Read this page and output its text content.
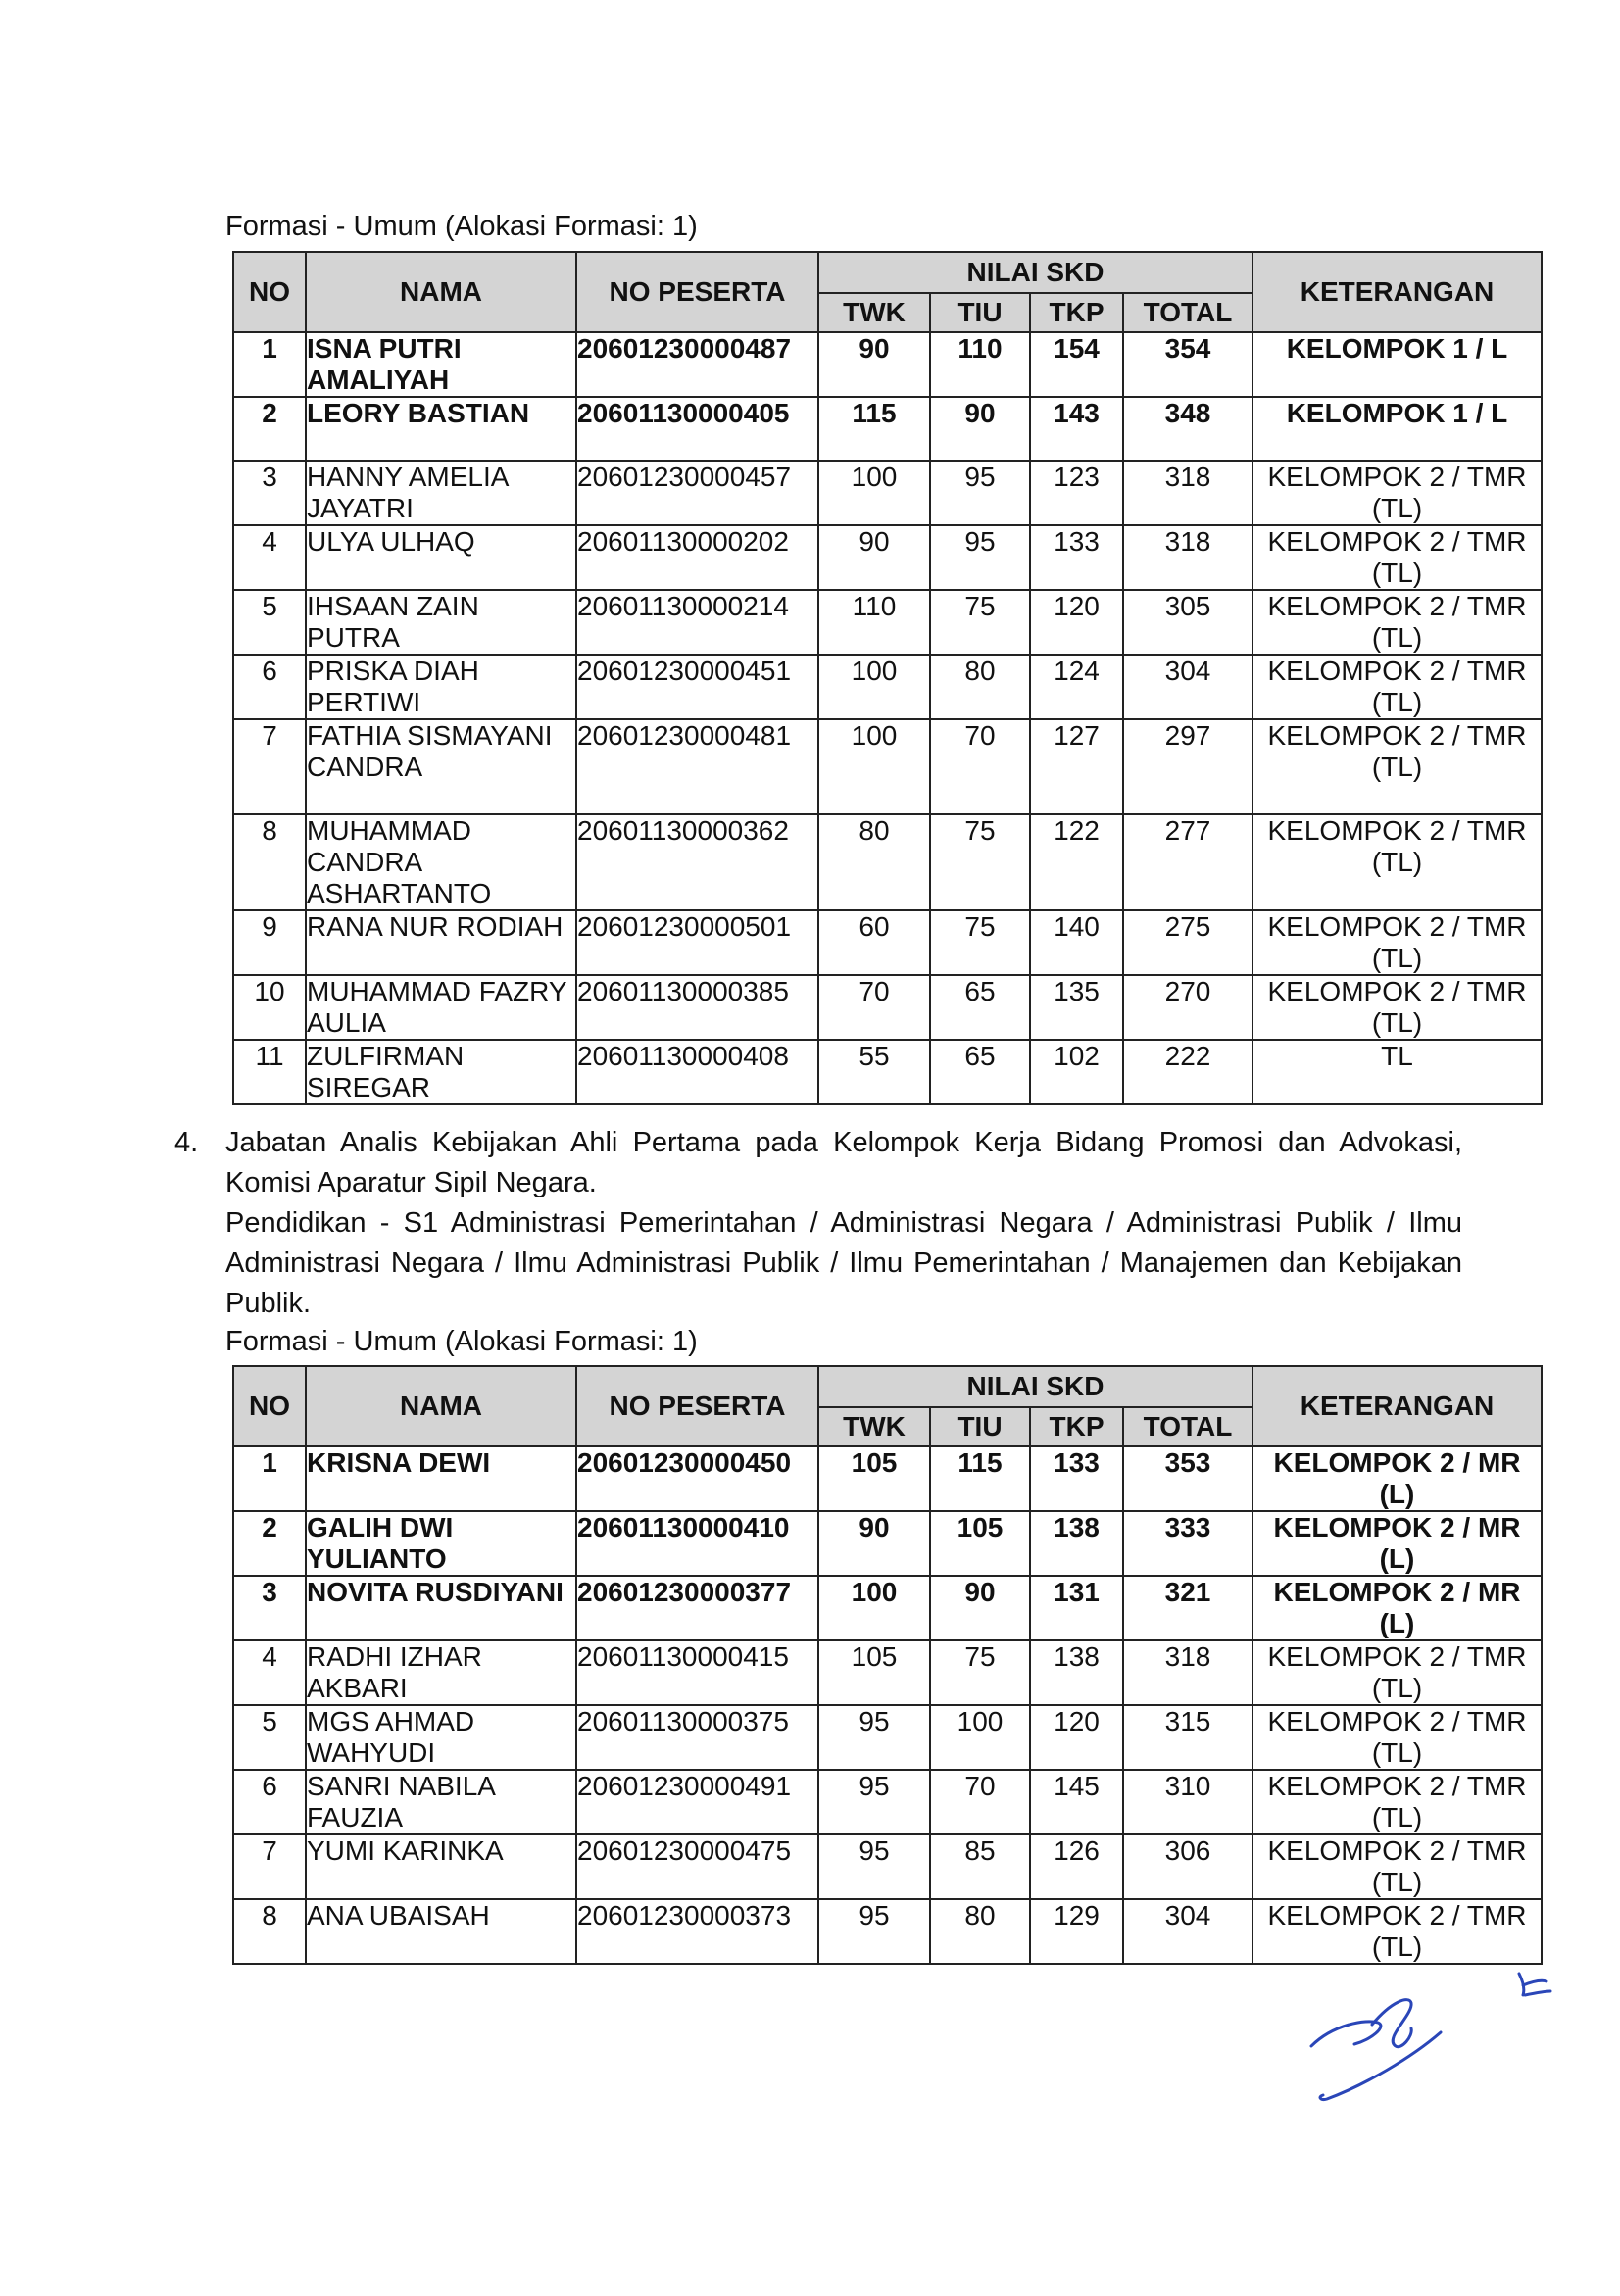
Formasi - Umum (Alokasi Formasi: 1)
NO	NAMA	NO PESERTA	NILAI SKD				KETERANGAN
			TWK	TIU	TKP	TOTAL	
1	ISNA PUTRI AMALIYAH	20601230000487	90	110	154	354	KELOMPOK 1 / L
2	LEORY BASTIAN	20601130000405	115	90	143	348	KELOMPOK 1 / L
3	HANNY AMELIA JAYATRI	20601230000457	100	95	123	318	KELOMPOK 2 / TMR (TL)
4	ULYA ULHAQ	20601130000202	90	95	133	318	KELOMPOK 2 / TMR (TL)
5	IHSAAN ZAIN PUTRA	20601130000214	110	75	120	305	KELOMPOK 2 / TMR (TL)
6	PRISKA DIAH PERTIWI	20601230000451	100	80	124	304	KELOMPOK 2 / TMR (TL)
7	FATHIA SISMAYANI CANDRA	20601230000481	100	70	127	297	KELOMPOK 2 / TMR (TL)
8	MUHAMMAD CANDRA ASHARTANTO	20601130000362	80	75	122	277	KELOMPOK 2 / TMR (TL)
9	RANA NUR RODIAH	20601230000501	60	75	140	275	KELOMPOK 2 / TMR (TL)
10	MUHAMMAD FAZRY AULIA	20601130000385	70	65	135	270	KELOMPOK 2 / TMR (TL)
11	ZULFIRMAN SIREGAR	20601130000408	55	65	102	222	TL
4. Jabatan Analis Kebijakan Ahli Pertama pada Kelompok Kerja Bidang Promosi dan Advokasi, Komisi Aparatur Sipil Negara.
Pendidikan - S1 Administrasi Pemerintahan / Administrasi Negara / Administrasi Publik / Ilmu Administrasi Negara / Ilmu Administrasi Publik / Ilmu Pemerintahan / Manajemen dan Kebijakan Publik.
Formasi - Umum (Alokasi Formasi: 1)
NO	NAMA	NO PESERTA	NILAI SKD				KETERANGAN
			TWK	TIU	TKP	TOTAL	
1	KRISNA DEWI	20601230000450	105	115	133	353	KELOMPOK 2 / MR (L)
2	GALIH DWI YULIANTO	20601130000410	90	105	138	333	KELOMPOK 2 / MR (L)
3	NOVITA RUSDIYANI	20601230000377	100	90	131	321	KELOMPOK 2 / MR (L)
4	RADHI IZHAR AKBARI	20601130000415	105	75	138	318	KELOMPOK 2 / TMR (TL)
5	MGS AHMAD WAHYUDI	20601130000375	95	100	120	315	KELOMPOK 2 / TMR (TL)
6	SANRI NABILA FAUZIA	20601230000491	95	70	145	310	KELOMPOK 2 / TMR (TL)
7	YUMI KARINKA	20601230000475	95	85	126	306	KELOMPOK 2 / TMR (TL)
8	ANA UBAISAH	20601230000373	95	80	129	304	KELOMPOK 2 / TMR (TL)
